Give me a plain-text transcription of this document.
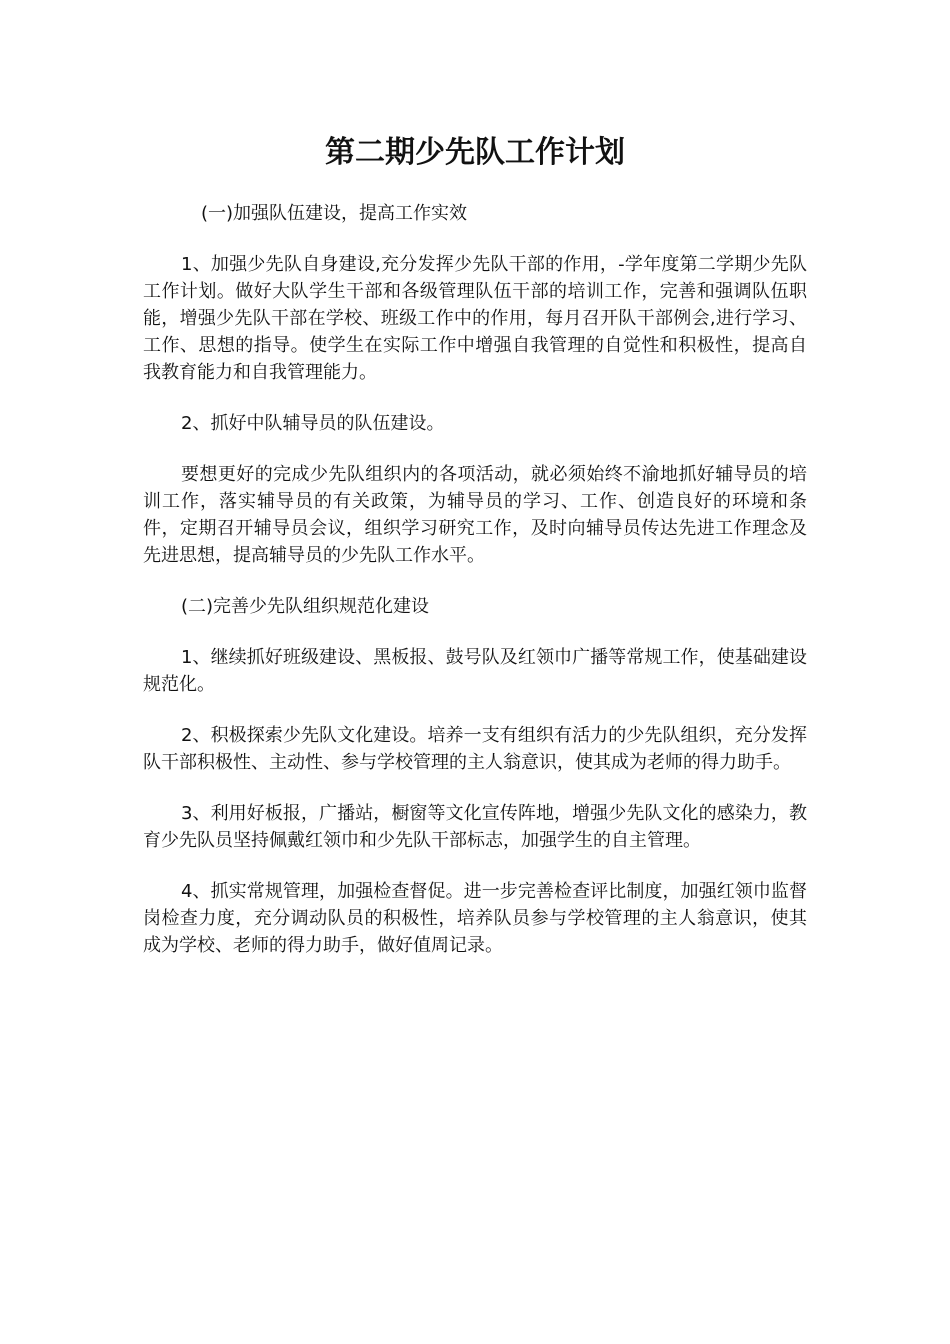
第二期少先队工作计划

(一)加强队伍建设，提高工作实效

1、加强少先队自身建设,充分发挥少先队干部的作用，-学年度第二学期少先队工作计划。做好大队学生干部和各级管理队伍干部的培训工作，完善和强调队伍职能，增强少先队干部在学校、班级工作中的作用，每月召开队干部例会,进行学习、工作、思想的指导。使学生在实际工作中增强自我管理的自觉性和积极性，提高自我教育能力和自我管理能力。

2、抓好中队辅导员的队伍建设。

要想更好的完成少先队组织内的各项活动，就必须始终不渝地抓好辅导员的培训工作，落实辅导员的有关政策，为辅导员的学习、工作、创造良好的环境和条件，定期召开辅导员会议，组织学习研究工作，及时向辅导员传达先进工作理念及先进思想，提高辅导员的少先队工作水平。

(二)完善少先队组织规范化建设

1、继续抓好班级建设、黑板报、鼓号队及红领巾广播等常规工作，使基础建设规范化。

2、积极探索少先队文化建设。培养一支有组织有活力的少先队组织，充分发挥队干部积极性、主动性、参与学校管理的主人翁意识，使其成为老师的得力助手。

3、利用好板报，广播站，橱窗等文化宣传阵地，增强少先队文化的感染力，教育少先队员坚持佩戴红领巾和少先队干部标志，加强学生的自主管理。

4、抓实常规管理，加强检查督促。进一步完善检查评比制度，加强红领巾监督岗检查力度，充分调动队员的积极性，培养队员参与学校管理的主人翁意识，使其成为学校、老师的得力助手，做好值周记录。
